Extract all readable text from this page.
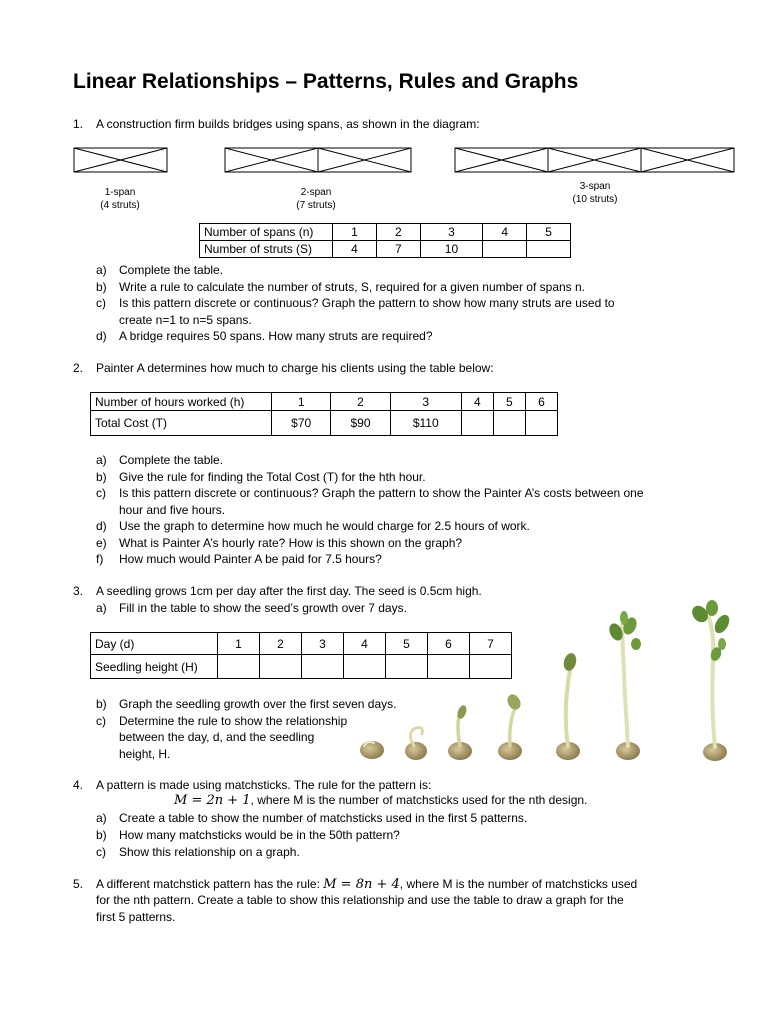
Linear Relationships – Patterns, Rules and Graphs
1. A construction firm builds bridges using spans, as shown in the diagram:
1-span
(4 struts)
2-span
(7 struts)
3-span
(10 struts)
Number of spans (n)	1	2	3	4	5
Number of struts (S)	4	7	10		
a) Complete the table.
b) Write a rule to calculate the number of struts, S, required for a given number of spans n.
c) Is this pattern discrete or continuous? Graph the pattern to show how many struts are used to
create n=1 to n=5 spans.
d) A bridge requires 50 spans. How many struts are required?
2. Painter A determines how much to charge his clients using the table below:
Number of hours worked (h)	1	2	3	4	5	6
Total Cost (T)	$70	$90	$110			
a) Complete the table.
b) Give the rule for finding the Total Cost (T) for the hth hour.
c) Is this pattern discrete or continuous? Graph the pattern to show the Painter A’s costs between one
hour and five hours.
d) Use the graph to determine how much he would charge for 2.5 hours of work.
e) What is Painter A’s hourly rate? How is this shown on the graph?
f) How much would Painter A be paid for 7.5 hours?
3. A seedling grows 1cm per day after the first day. The seed is 0.5cm high.
a) Fill in the table to show the seed’s growth over 7 days.
Day (d)	1	2	3	4	5	6	7
Seedling height (H)							
b) Graph the seedling growth over the first seven days.
c) Determine the rule to show the relationship
between the day, d, and the seedling
height, H.
4. A pattern is made using matchsticks. The rule for the pattern is:
M = 2n + 1, where M is the number of matchsticks used for the nth design.
a) Create a table to show the number of matchsticks used in the first 5 patterns.
b) How many matchsticks would be in the 50th pattern?
c) Show this relationship on a graph.
5. A different matchstick pattern has the rule: M = 8n + 4, where M is the number of matchsticks used
for the nth pattern. Create a table to show this relationship and use the table to draw a graph for the
first 5 patterns.
